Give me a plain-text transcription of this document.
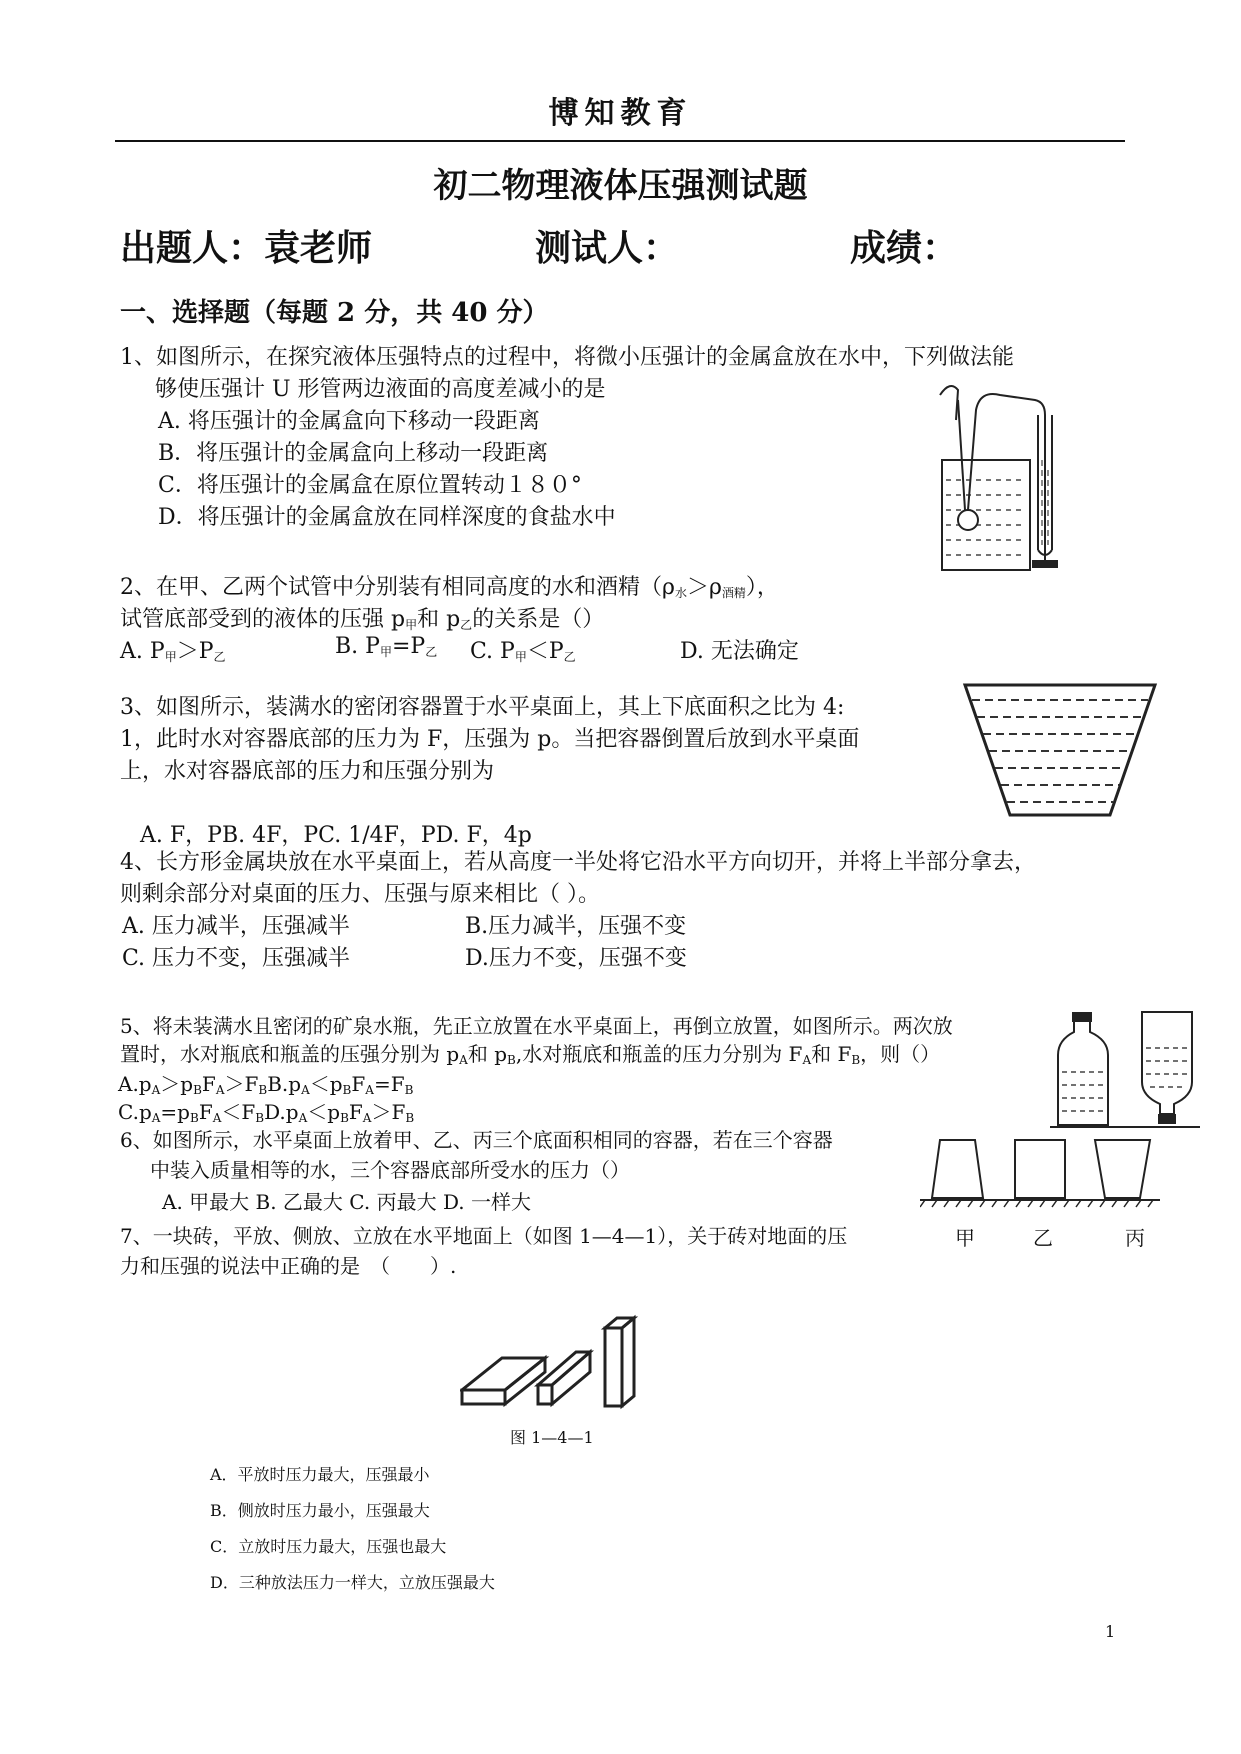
博知教育
初二物理液体压强测试题
出题人：袁老师	测试人：	成绩：
一、选择题（每题 2 分，共 40 分）
1、如图所示，在探究液体压强特点的过程中，将微小压强计的金属盒放在水中，下列做法能
够使压强计 U 形管两边液面的高度差减小的是
A. 将压强计的金属盒向下移动一段距离
B．将压强计的金属盒向上移动一段距离
C．将压强计的金属盒在原位置转动１８０°
D．将压强计的金属盒放在同样深度的食盐水中
2、在甲、乙两个试管中分别装有相同高度的水和酒精$(\rho_水>\rho_{酒精})$，
试管底部受到的液体的压强 $p_甲$和 $p_乙$的关系是（）
A. $P_甲>P_乙$	B. $P_甲=P_乙$ C. $P_甲<P_乙$	D. 无法确定
3、如图所示，装满水的密闭容器置于水平桌面上，其上下底面积之比为 4:
1，此时水对容器底部的压力为 F，压强为 p。当把容器倒置后放到水平桌面
上，水对容器底部的压力和压强分别为
A. F，PB. 4F，PC. 1/4F，PD. F，4p
4、长方形金属块放在水平桌面上，若从高度一半处将它沿水平方向切开，并将上半部分拿去，
则剩余部分对桌面的压力、压强与原来相比（ ）。
A. 压力减半，压强减半	B.压力减半，压强不变
C. 压力不变，压强减半	D.压力不变，压强不变
5、将未装满水且密闭的矿泉水瓶，先正立放置在水平桌面上，再倒立放置，如图所示。两次放
置时，水对瓶底和瓶盖的压强分别为 $p_A$和 $p_B$,水对瓶底和瓶盖的压力分别为 $F_A$和 $F_B$，则（）
$A.p_A>p_BF_A>F_BB.p_A<p_BF_A=F_B$
$C.p_A=p_BF_A<F_BD.p_A<p_BF_A>F_B$
6、如图所示，水平桌面上放着甲、乙、丙三个底面积相同的容器，若在三个容器
中装入质量相等的水，三个容器底部所受水的压力（）
A. 甲最大 B. 乙最大 C. 丙最大 D. 一样大
甲	乙	丙
7、一块砖，平放、侧放、立放在水平地面上（如图 1—4—1），关于砖对地面的压
力和压强的说法中正确的是　（　　）.
图 1—4—1
A．平放时压力最大，压强最小
B．侧放时压力最小，压强最大
C．立放时压力最大，压强也最大
D．三种放法压力一样大，立放压强最大
1
